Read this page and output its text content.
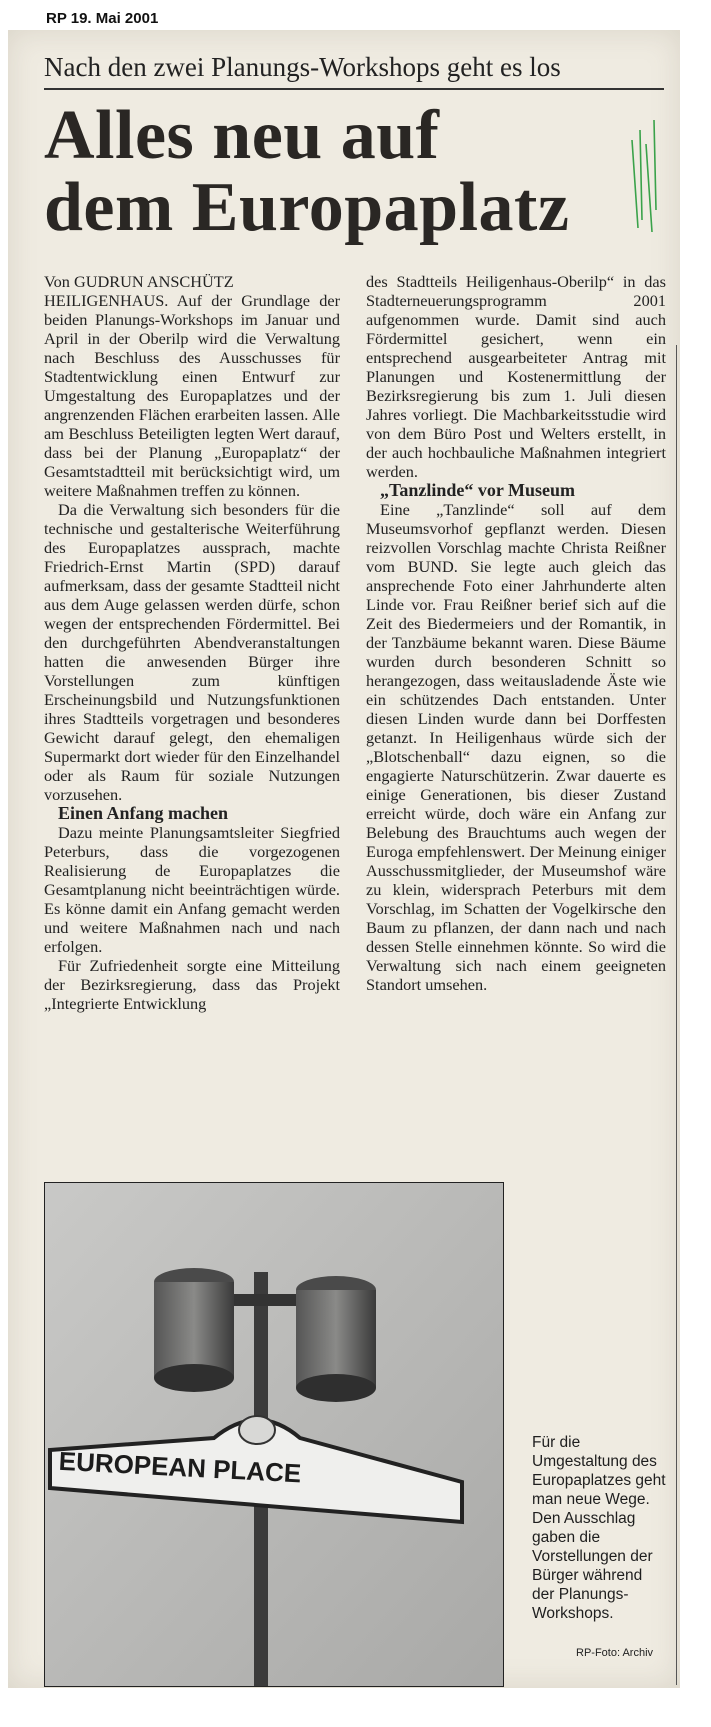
RP 19. Mai 2001
Nach den zwei Planungs-Workshops geht es los
Alles neu auf
dem Europaplatz

Von GUDRUN ANSCHÜTZ

HEILIGENHAUS. Auf der Grundlage der beiden Planungs-Workshops im Januar und April in der Oberilp wird die Verwaltung nach Beschluss des Ausschusses für Stadtentwicklung einen Entwurf zur Umgestaltung des Europaplatzes und der angrenzenden Flächen erarbeiten lassen. Alle am Beschluss Beteiligten legten Wert darauf, dass bei der Planung „Europaplatz“ der Gesamtstadtteil mit berücksichtigt wird, um weitere Maßnahmen treffen zu können.

Da die Verwaltung sich besonders für die technische und gestalterische Weiterführung des Europaplatzes aussprach, machte Friedrich-Ernst Martin (SPD) darauf aufmerksam, dass der gesamte Stadtteil nicht aus dem Auge gelassen werden dürfe, schon wegen der entsprechenden Fördermittel. Bei den durchgeführten Abendveranstaltungen hatten die anwesenden Bürger ihre Vorstellungen zum künftigen Erscheinungsbild und Nutzungsfunktionen ihres Stadtteils vorgetragen und besonderes Gewicht darauf gelegt, den ehemaligen Supermarkt dort wieder für den Einzelhandel oder als Raum für soziale Nutzungen vorzusehen.

Einen Anfang machen

Dazu meinte Planungsamtsleiter Siegfried Peterburs, dass die vorgezogenen Realisierung de Europaplatzes die Gesamtplanung nicht beeinträchtigen würde. Es könne damit ein Anfang gemacht werden und weitere Maßnahmen nach und nach erfolgen.

Für Zufriedenheit sorgte eine Mitteilung der Bezirksregierung, dass das Projekt „Integrierte Entwicklung

des Stadtteils Heiligenhaus-Oberilp“ in das Stadterneuerungsprogramm 2001 aufgenommen wurde. Damit sind auch Fördermittel gesichert, wenn ein entsprechend ausgearbeiteter Antrag mit Planungen und Kostenermittlung der Bezirksregierung bis zum 1. Juli diesen Jahres vorliegt. Die Machbarkeitsstudie wird von dem Büro Post und Welters erstellt, in der auch hochbauliche Maßnahmen integriert werden.

„Tanzlinde“ vor Museum

Eine „Tanzlinde“ soll auf dem Museumsvorhof gepflanzt werden. Diesen reizvollen Vorschlag machte Christa Reißner vom BUND. Sie legte auch gleich das ansprechende Foto einer Jahrhunderte alten Linde vor. Frau Reißner berief sich auf die Zeit des Biedermeiers und der Romantik, in der Tanzbäume bekannt waren. Diese Bäume wurden durch besonderen Schnitt so herangezogen, dass weitausladende Äste wie ein schützendes Dach entstanden. Unter diesen Linden wurde dann bei Dorffesten getanzt. In Heiligenhaus würde sich der „Blotschenball“ dazu eignen, so die engagierte Naturschützerin. Zwar dauerte es einige Generationen, bis dieser Zustand erreicht würde, doch wäre ein Anfang zur Belebung des Brauchtums auch wegen der Euroga empfehlenswert. Der Meinung einiger Ausschussmitglieder, der Museumshof wäre zu klein, widersprach Peterburs mit dem Vorschlag, im Schatten der Vogelkirsche den Baum zu pflanzen, der dann nach und nach dessen Stelle einnehmen könnte. So wird die Verwaltung sich nach einem geeigneten Standort umsehen.

EUROPEAN PLACE
Für die Umgestaltung des Europaplatzes geht man neue Wege. Den Ausschlag gaben die Vorstellungen der Bürger während der Planungs-Workshops.
RP-Foto: Archiv
